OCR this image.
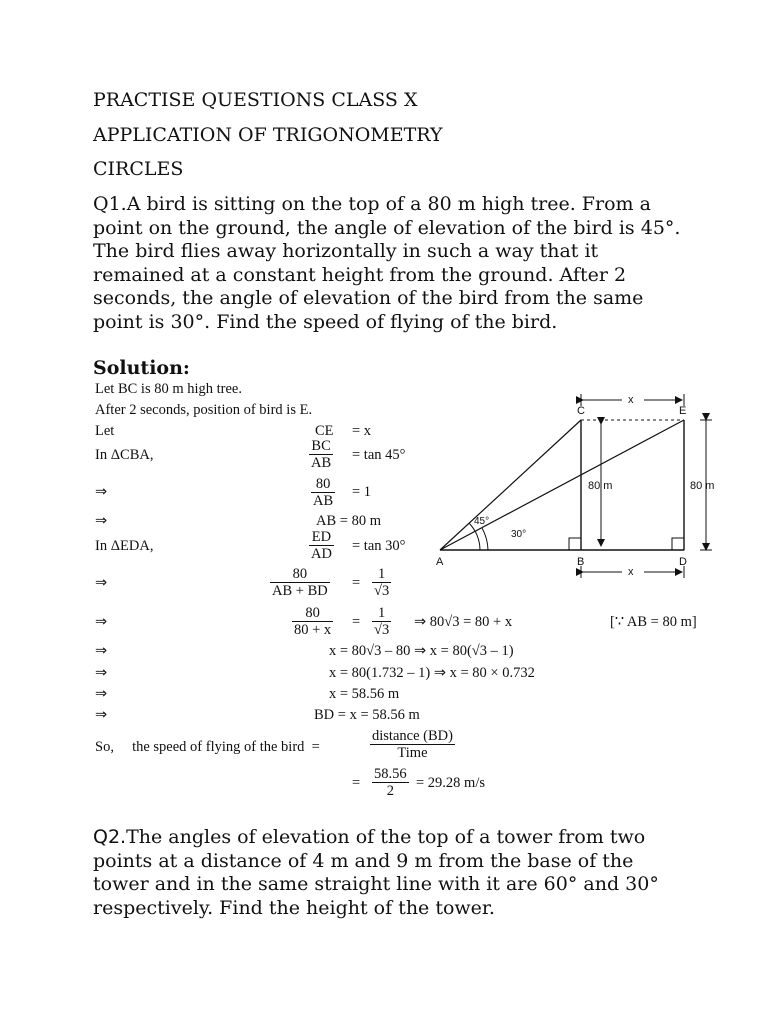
PRACTISE QUESTIONS CLASS X
APPLICATION OF TRIGONOMETRY
CIRCLES

Q1.A bird is sitting on the top of a 80 m high tree. From a point on the ground, the angle of elevation of the bird is 45°. The bird flies away horizontally in such a way that it remained at a constant height from the ground. After 2 seconds, the angle of elevation of the bird from the same point is 30°. Find the speed of flying of the bird.

Solution:
Let BC is 80 m high tree.
After 2 seconds, position of bird is E.
Let	CE = x
In ΔCBA,	$\frac{BC}{AB} = \tan 45^\circ$
⇒	$\frac{80}{AB} = 1$
⇒	AB = 80 m
In ΔEDA,	$\frac{ED}{AD} = \tan 30^\circ$
⇒	$\frac{80}{AB + BD} = \frac{1}{√3}$
⇒	$\frac{80}{80 + x} = \frac{1}{√3}$ ⇒ 80√3 = 80 + x	[∵ AB = 80 m]
⇒	x = 80√3 – 80 ⇒ x = 80(√3 – 1)
⇒	x = 80(1.732 – 1) ⇒ x = 80 × 0.732
⇒	x = 58.56 m
⇒	BD = x = 58.56 m
So,     the speed of flying of the bird  =
distance (BD)
Time
= $\frac{58.56}{2} = 29.28$ m/s
A	B
C
D
E
x
x
80 m	80 m
45°
30°

Q2.The angles of elevation of the top of a tower from two points at a distance of 4 m and 9 m from the base of the tower and in the same straight line with it are 60° and 30° respectively. Find the height of the tower.
